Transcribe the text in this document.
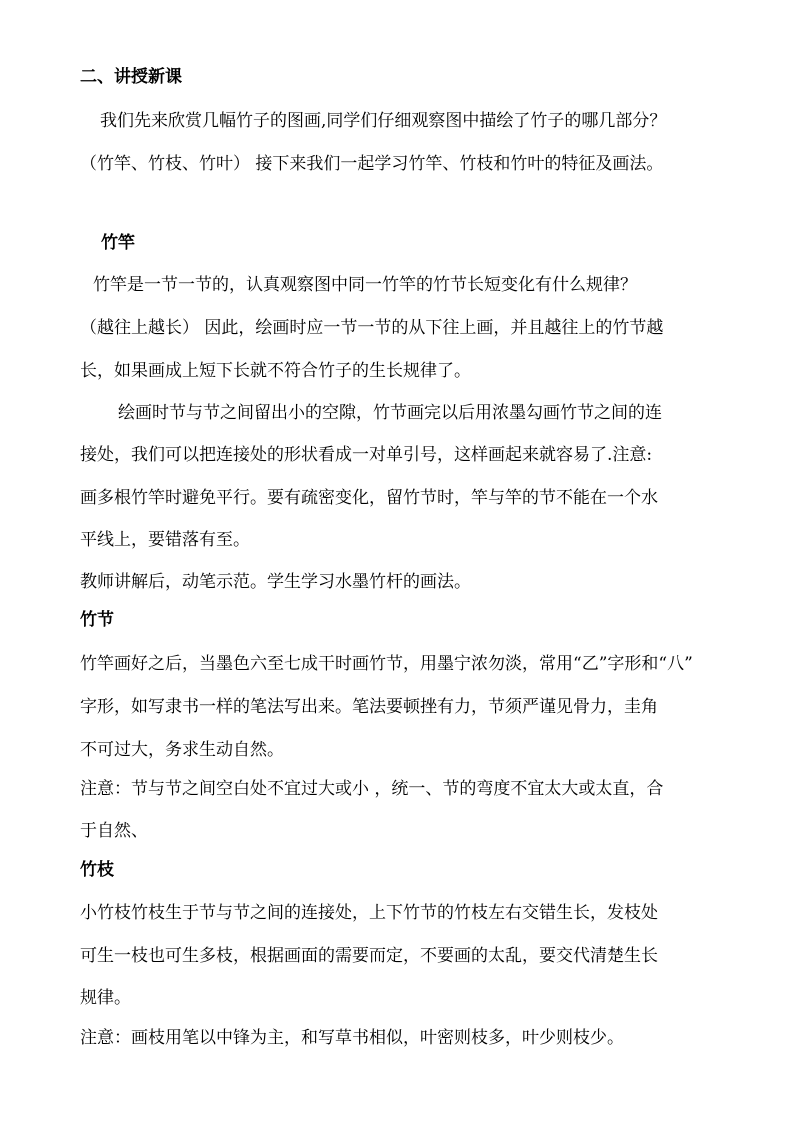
二、讲授新课
我们先来欣赏几幅竹子的图画,同学们仔细观察图中描绘了竹子的哪几部分？
（竹竿、竹枝、竹叶） 接下来我们一起学习竹竿、竹枝和竹叶的特征及画法。
竹竿
竹竿是一节一节的，认真观察图中同一竹竿的竹节长短变化有什么规律？
（越往上越长） 因此，绘画时应一节一节的从下往上画，并且越往上的竹节越
长，如果画成上短下长就不符合竹子的生长规律了。
绘画时节与节之间留出小的空隙，竹节画完以后用浓墨勾画竹节之间的连
接处，我们可以把连接处的形状看成一对单引号，这样画起来就容易了.注意:
画多根竹竿时避免平行。要有疏密变化，留竹节时，竿与竿的节不能在一个水
平线上，要错落有至。
教师讲解后，动笔示范。学生学习水墨竹杆的画法。
竹节
竹竿画好之后，当墨色六至七成干时画竹节，用墨宁浓勿淡，常用“乙”字形和“八”
字形，如写隶书一样的笔法写出来。笔法要顿挫有力，节须严谨见骨力，圭角
不可过大，务求生动自然。
注意：节与节之间空白处不宜过大或小 ，统一、节的弯度不宜太大或太直，合
于自然、
竹枝
小竹枝竹枝生于节与节之间的连接处，上下竹节的竹枝左右交错生长，发枝处
可生一枝也可生多枝，根据画面的需要而定，不要画的太乱，要交代清楚生长
规律。
注意：画枝用笔以中锋为主，和写草书相似，叶密则枝多，叶少则枝少。
